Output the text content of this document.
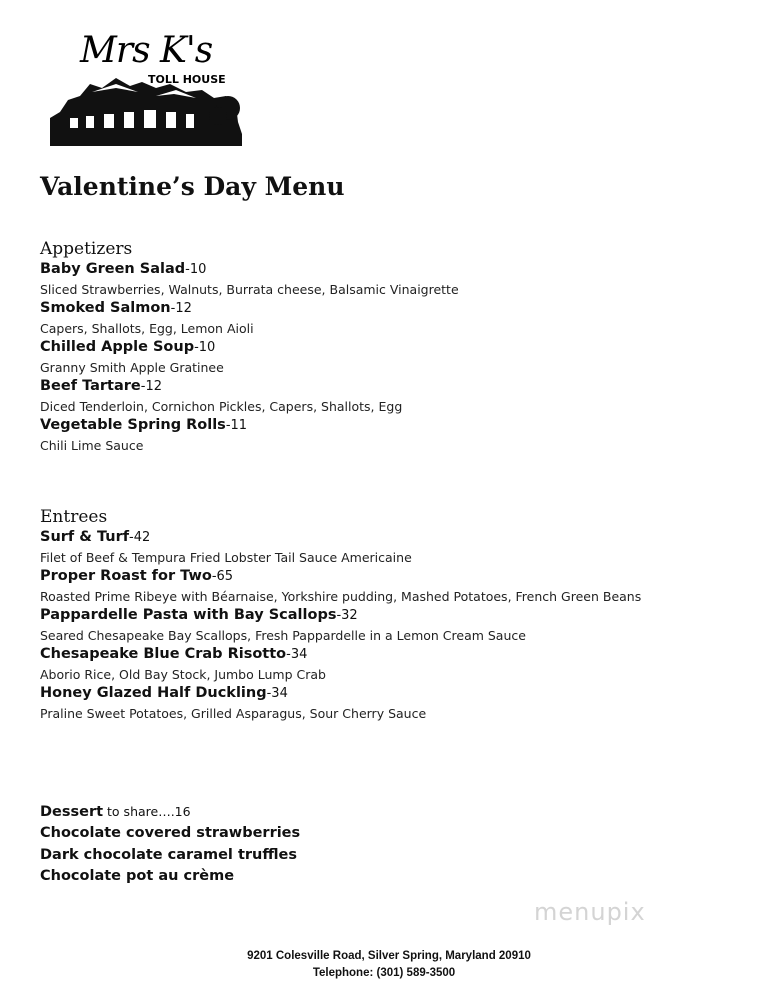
Mrs K's
TOLL HOUSE
Valentine’s Day Menu
Appetizers
Baby Green Salad-10
Sliced Strawberries, Walnuts, Burrata cheese, Balsamic Vinaigrette
Smoked Salmon-12
Capers, Shallots, Egg, Lemon Aioli
Chilled Apple Soup-10
Granny Smith Apple Gratinee
Beef Tartare-12
Diced Tenderloin, Cornichon Pickles, Capers, Shallots, Egg
Vegetable Spring Rolls-11
Chili Lime Sauce
Entrees
Surf & Turf-42
Filet of Beef & Tempura Fried Lobster Tail Sauce Americaine
Proper Roast for Two-65
Roasted Prime Ribeye with Béarnaise, Yorkshire pudding, Mashed Potatoes, French Green Beans
Pappardelle Pasta with Bay Scallops-32
Seared Chesapeake Bay Scallops, Fresh Pappardelle in a Lemon Cream Sauce
Chesapeake Blue Crab Risotto-34
Aborio Rice, Old Bay Stock, Jumbo Lump Crab
Honey Glazed Half Duckling-34
Praline Sweet Potatoes, Grilled Asparagus, Sour Cherry Sauce
Dessert to share….16
Chocolate covered strawberries
Dark chocolate caramel truffles
Chocolate pot au crème
menupix
9201 Colesville Road, Silver Spring, Maryland 20910
Telephone: (301) 589-3500
